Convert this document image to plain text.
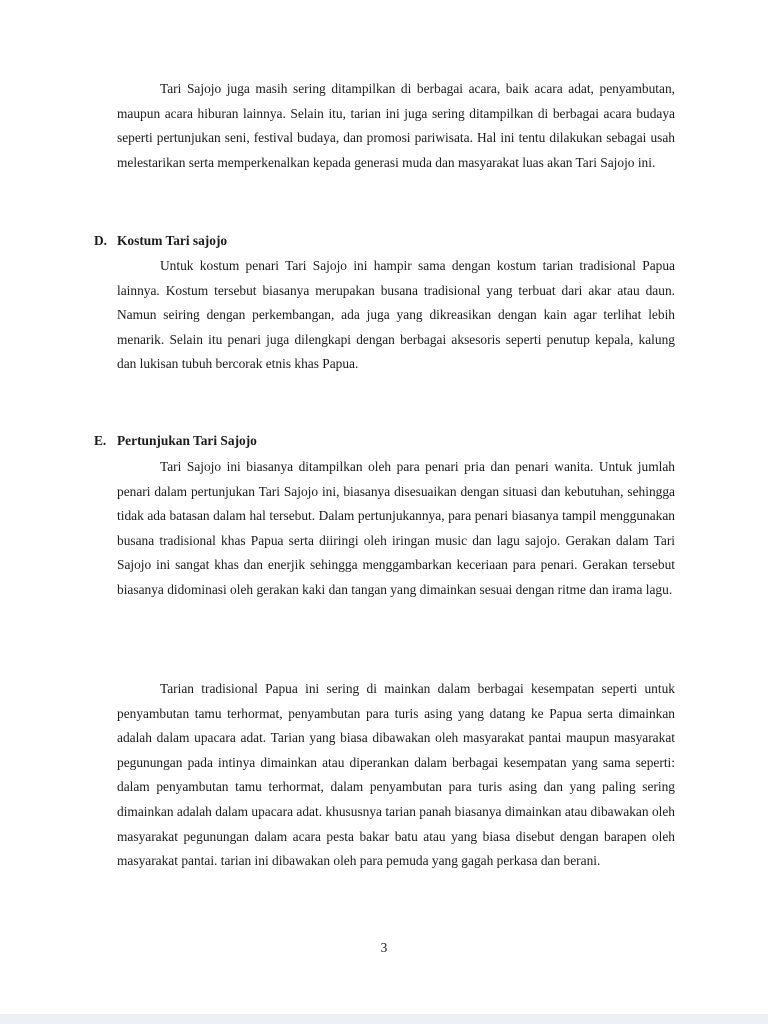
Tari Sajojo juga masih sering ditampilkan di berbagai acara, baik acara adat, penyambutan, maupun acara hiburan lainnya. Selain itu, tarian ini juga sering ditampilkan di berbagai acara budaya seperti pertunjukan seni, festival budaya, dan promosi pariwisata. Hal ini tentu dilakukan sebagai usah melestarikan serta memperkenalkan kepada generasi muda dan masyarakat luas akan Tari Sajojo ini.

D. Kostum Tari sajojo

Untuk kostum penari Tari Sajojo ini hampir sama dengan kostum tarian tradisional Papua lainnya. Kostum tersebut biasanya merupakan busana tradisional yang terbuat dari akar atau daun. Namun seiring dengan perkembangan, ada juga yang dikreasikan dengan kain agar terlihat lebih menarik. Selain itu penari juga dilengkapi dengan berbagai aksesoris seperti penutup kepala, kalung dan lukisan tubuh bercorak etnis khas Papua.

E. Pertunjukan Tari Sajojo

Tari Sajojo ini biasanya ditampilkan oleh para penari pria dan penari wanita. Untuk jumlah penari dalam pertunjukan Tari Sajojo ini, biasanya disesuaikan dengan situasi dan kebutuhan, sehingga tidak ada batasan dalam hal tersebut. Dalam pertunjukannya, para penari biasanya tampil menggunakan busana tradisional khas Papua serta diiringi oleh iringan music dan lagu sajojo. Gerakan dalam Tari Sajojo ini sangat khas dan enerjik sehingga menggambarkan keceriaan para penari. Gerakan tersebut biasanya didominasi oleh gerakan kaki dan tangan yang dimainkan sesuai dengan ritme dan irama lagu.

Tarian tradisional Papua ini sering di mainkan dalam berbagai kesempatan seperti untuk penyambutan tamu terhormat, penyambutan para turis asing yang datang ke Papua serta dimainkan adalah dalam upacara adat. Tarian yang biasa dibawakan oleh masyarakat pantai maupun masyarakat pegunungan pada intinya dimainkan atau diperankan dalam berbagai kesempatan yang sama seperti: dalam penyambutan tamu terhormat, dalam penyambutan para turis asing dan yang paling sering dimainkan adalah dalam upacara adat. khususnya tarian panah biasanya dimainkan atau dibawakan oleh masyarakat pegunungan dalam acara pesta bakar batu atau yang biasa disebut dengan barapen oleh masyarakat pantai. tarian ini dibawakan oleh para pemuda yang gagah perkasa dan berani.

3
